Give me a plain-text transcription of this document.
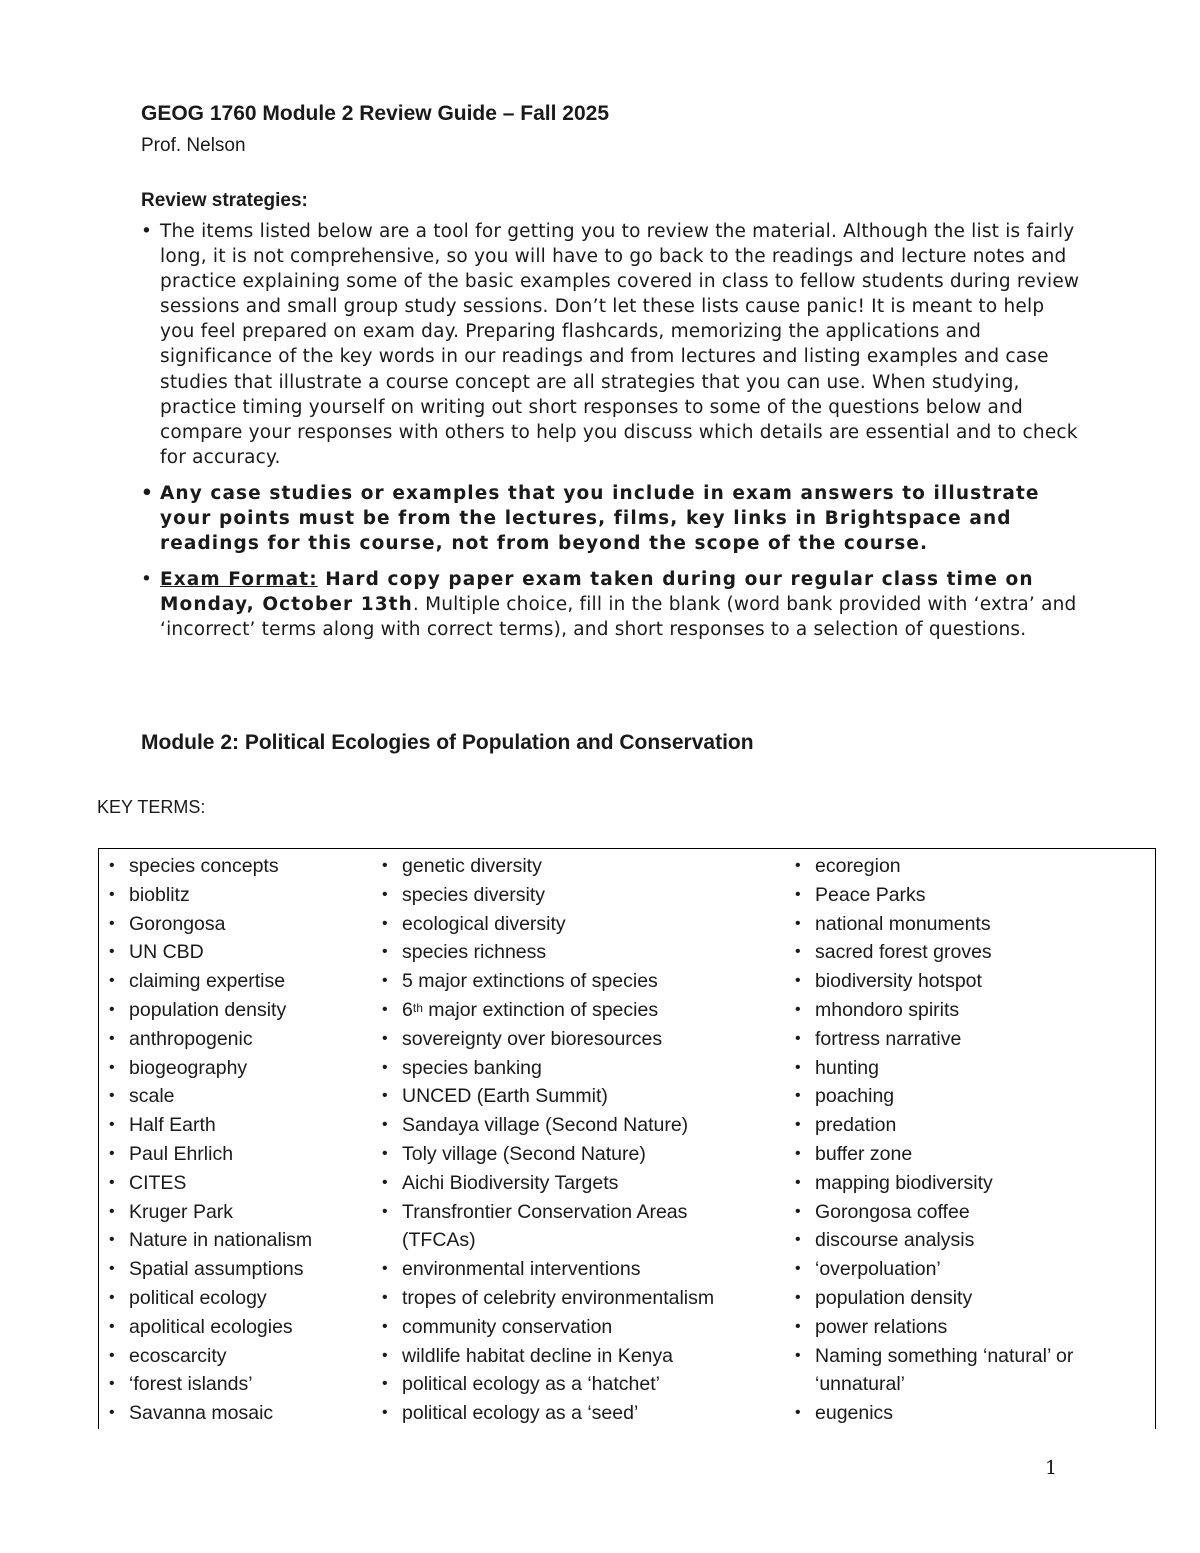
GEOG 1760 Module 2 Review Guide – Fall 2025
Prof. Nelson
Review strategies:
• The items listed below are a tool for getting you to review the material. Although the list is fairly long, it is not comprehensive, so you will have to go back to the readings and lecture notes and practice explaining some of the basic examples covered in class to fellow students during review sessions and small group study sessions. Don’t let these lists cause panic! It is meant to help you feel prepared on exam day. Preparing flashcards, memorizing the applications and significance of the key words in our readings and from lectures and listing examples and case studies that illustrate a course concept are all strategies that you can use. When studying, practice timing yourself on writing out short responses to some of the questions below and compare your responses with others to help you discuss which details are essential and to check for accuracy.
• Any case studies or examples that you include in exam answers to illustrate your points must be from the lectures, films, key links in Brightspace and readings for this course, not from beyond the scope of the course.
• Exam Format: Hard copy paper exam taken during our regular class time on Monday, October 13th. Multiple choice, fill in the blank (word bank provided with ‘extra’ and ‘incorrect’ terms along with correct terms), and short responses to a selection of questions.
Module 2: Political Ecologies of Population and Conservation
KEY TERMS:
• species concepts
• bioblitz
• Gorongosa
• UN CBD
• claiming expertise
• population density
• anthropogenic
• biogeography
• scale
• Half Earth
• Paul Ehrlich
• CITES
• Kruger Park
• Nature in nationalism
• Spatial assumptions
• political ecology
• apolitical ecologies
• ecoscarcity
• ‘forest islands’
• Savanna mosaic
• genetic diversity
• species diversity
• ecological diversity
• species richness
• 5 major extinctions of species
• 6th major extinction of species
• sovereignty over bioresources
• species banking
• UNCED (Earth Summit)
• Sandaya village (Second Nature)
• Toly village (Second Nature)
• Aichi Biodiversity Targets
• Transfrontier Conservation Areas
(TFCAs)
• environmental interventions
• tropes of celebrity environmentalism
• community conservation
• wildlife habitat decline in Kenya
• political ecology as a ‘hatchet’
• political ecology as a ‘seed’
• ecoregion
• Peace Parks
• national monuments
• sacred forest groves
• biodiversity hotspot
• mhondoro spirits
• fortress narrative
• hunting
• poaching
• predation
• buffer zone
• mapping biodiversity
• Gorongosa coffee
• discourse analysis
• ‘overpoluation’
• population density
• power relations
• Naming something ‘natural’ or
‘unnatural’
• eugenics
1
